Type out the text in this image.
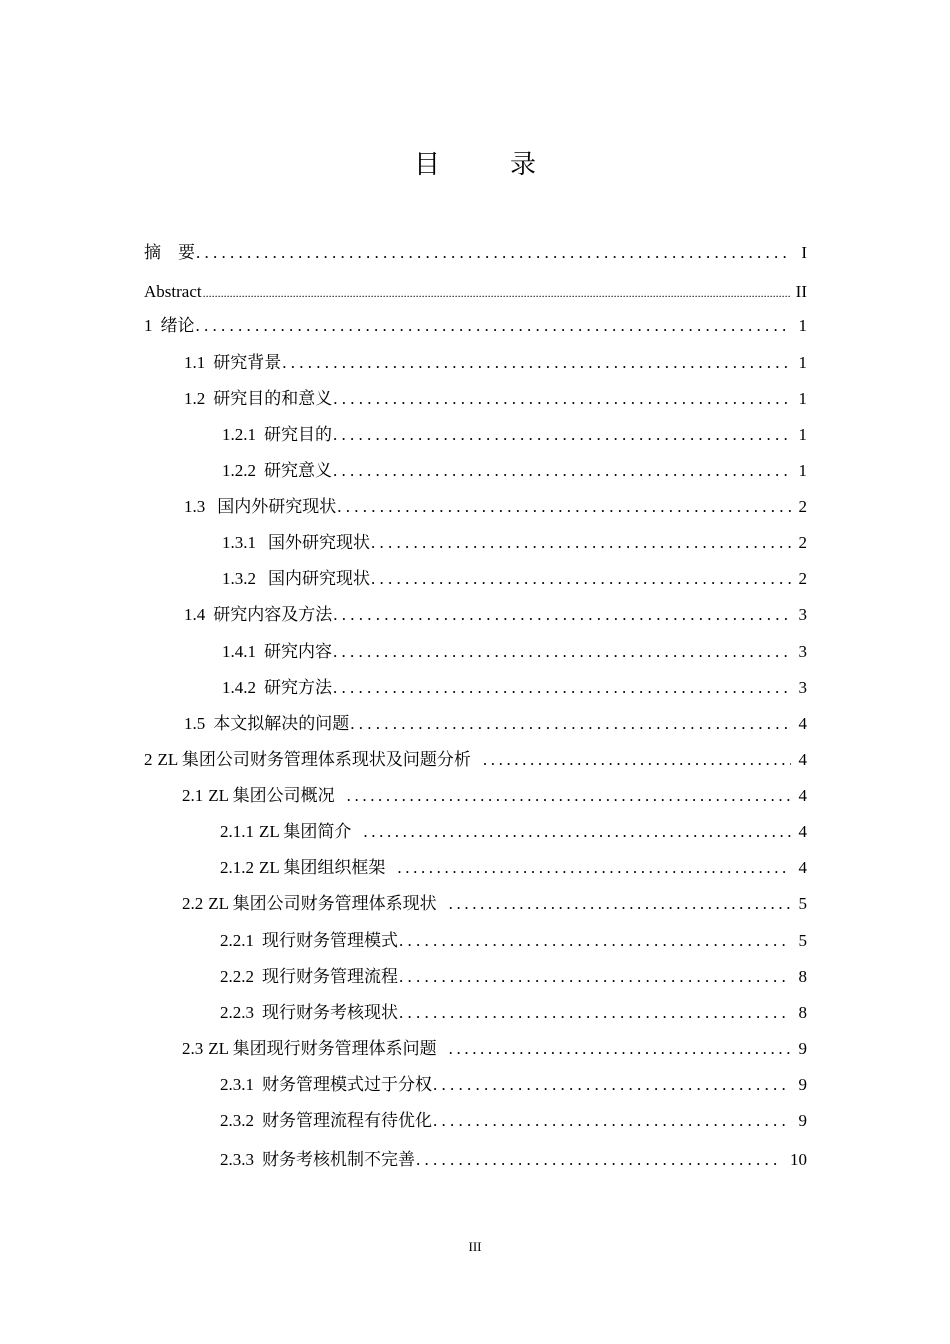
目　录
摘　要 . . .	I
Abstract .....	II
1 绪论 . . .	1
1.1 研究背景 . . .	1
1.2 研究目的和意义 . . .	1
1.2.1 研究目的 . . .	1
1.2.2 研究意义 . . .	1
1.3 国内外研究现状 . . .	2
1.3.1 国外研究现状 . . .	2
1.3.2 国内研究现状 . . .	2
1.4 研究内容及方法 . . .	3
1.4.1 研究内容 . . .	3
1.4.2 研究方法 . . .	3
1.5 本文拟解决的问题 . . .	4
2 ZL 集团公司财务管理体系现状及问题分析 .....	4
2.1 ZL 集团公司概况 .....	4
2.1.1 ZL 集团简介 .....	4
2.1.2 ZL 集团组织框架 .....	4
2.2 ZL 集团公司财务管理体系现状 .....	5
2.2.1 现行财务管理模式 . . .	5
2.2.2 现行财务管理流程 . . .	8
2.2.3 现行财务考核现状 . . .	8
2.3 ZL 集团现行财务管理体系问题 .....	9
2.3.1 财务管理模式过于分权 . . .	9
2.3.2 财务管理流程有待优化 . . .	9
2.3.3 财务考核机制不完善 . . .	10
III
